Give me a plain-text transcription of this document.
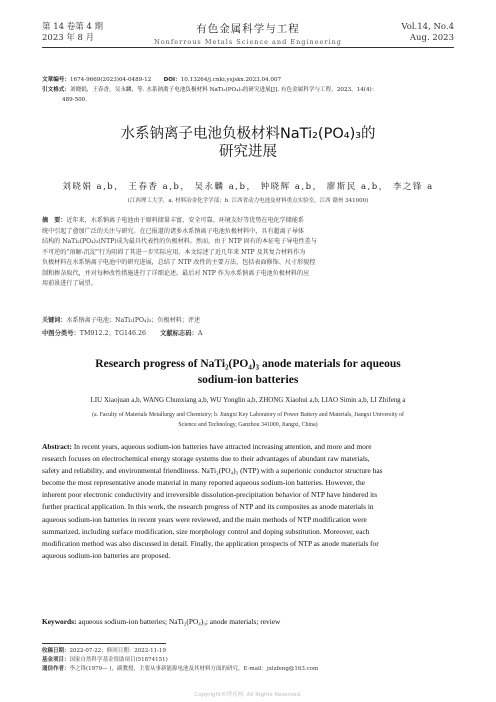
第 14 卷第 4 期
2023 年 8 月
有色金属科学与工程
Nonferrous Metals Science and Engineering
Vol.14, No.4
Aug. 2023
文章编号：1674-9669(2023)04-0489-12 DOI：10.13264/j.cnki.ysjskx.2023.04.007
引文格式：刘晓娟，王春香，吴永麟，等. 水系钠离子电池负极材料 NaTi₂(PO₄)₃的研究进展[J]. 有色金属科学与工程，2023，14(4)：
489-500.
水系钠离子电池负极材料NaTi₂(PO₄)₃的
研究进展
刘晓娟 a,b， 王春香 a,b， 吴永麟 a,b， 钟晓辉 a,b， 廖斯民 a,b， 李之锋 a
(江西理工大学，a. 材料冶金化学学部；b. 江西省动力电池及材料重点实验室，江西 赣州 341000)
摘　要：近年来，水系钠离子电池由于原料储量丰富、安全可靠、环境友好等优势在电化学储能系
统中引起了愈加广泛的关注与研究。在已报道的诸多水系钠离子电池负极材料中，具有超离子导体
结构的 NaTi₂(PO₄)₃(NTP)成为最具代表性的负极材料。然而，由于 NTP 固有的本征电子导电性差与
不可逆的“溶解-沉淀”行为阻碍了其进一步实际应用。本文综述了近几年来 NTP 及其复合材料作为
负极材料在水系钠离子电池中的研究进展，总结了 NTP 改性的主要方法，包括表面修饰、尺寸形貌控
制和掺杂取代，并对每种改性措施进行了详细论述。最后对 NTP 作为水系钠离子电池负极材料的应
用前景进行了展望。
关键词：水系钠离子电池；NaTi₂(PO₄)₃；负极材料；评述
中图分类号：TM912.2；TG146.26 文献标志码：A
Research progress of NaTi₂(PO₄)₃ anode materials for aqueous
sodium-ion batteries
LIU Xiaojuan a,b, WANG Chunxiang a,b, WU Yonglin a,b, ZHONG Xiaohui a,b, LIAO Simin a,b, LI Zhifeng a
(a. Faculty of Materials Metallurgy and Chemistry; b. Jiangxi Key Laboratory of Power Battery and Materials, Jiangxi University of
Science and Technology, Ganzhou 341000, Jiangxi, China)
Abstract: In recent years, aqueous sodium-ion batteries have attracted increasing attention, and more and more
research focuses on electrochemical energy storage systems due to their advantages of abundant raw materials,
safety and reliability, and environmental friendliness. NaTi₂(PO₄)₃ (NTP) with a superionic conductor structure has
become the most representative anode material in many reported aqueous sodium-ion batteries. However, the
inherent poor electronic conductivity and irreversible dissolution-precipitation behavior of NTP have hindered its
further practical application. In this work, the research progress of NTP and its composites as anode materials in
aqueous sodium-ion batteries in recent years were reviewed, and the main methods of NTP modification were
summarized, including surface modification, size morphology control and doping substitution. Moreover, each
modification method was also discussed in detail. Finally, the application prospects of NTP as anode materials for
aqueous sodium-ion batteries are proposed.
Keywords: aqueous sodium-ion batteries; NaTi₂(PO₄)₃; anode materials; review
收稿日期：2022-07-22；修回日期：2022-11-19
基金项目：国家自然科学基金资助项目(51874151)
通信作者：李之锋(1979— )，副教授，主要从事新能源电池及其材料方面的研究。E-mail：jxlzfeng@163.com
Copyright©博看网. All Rights Reserved.
